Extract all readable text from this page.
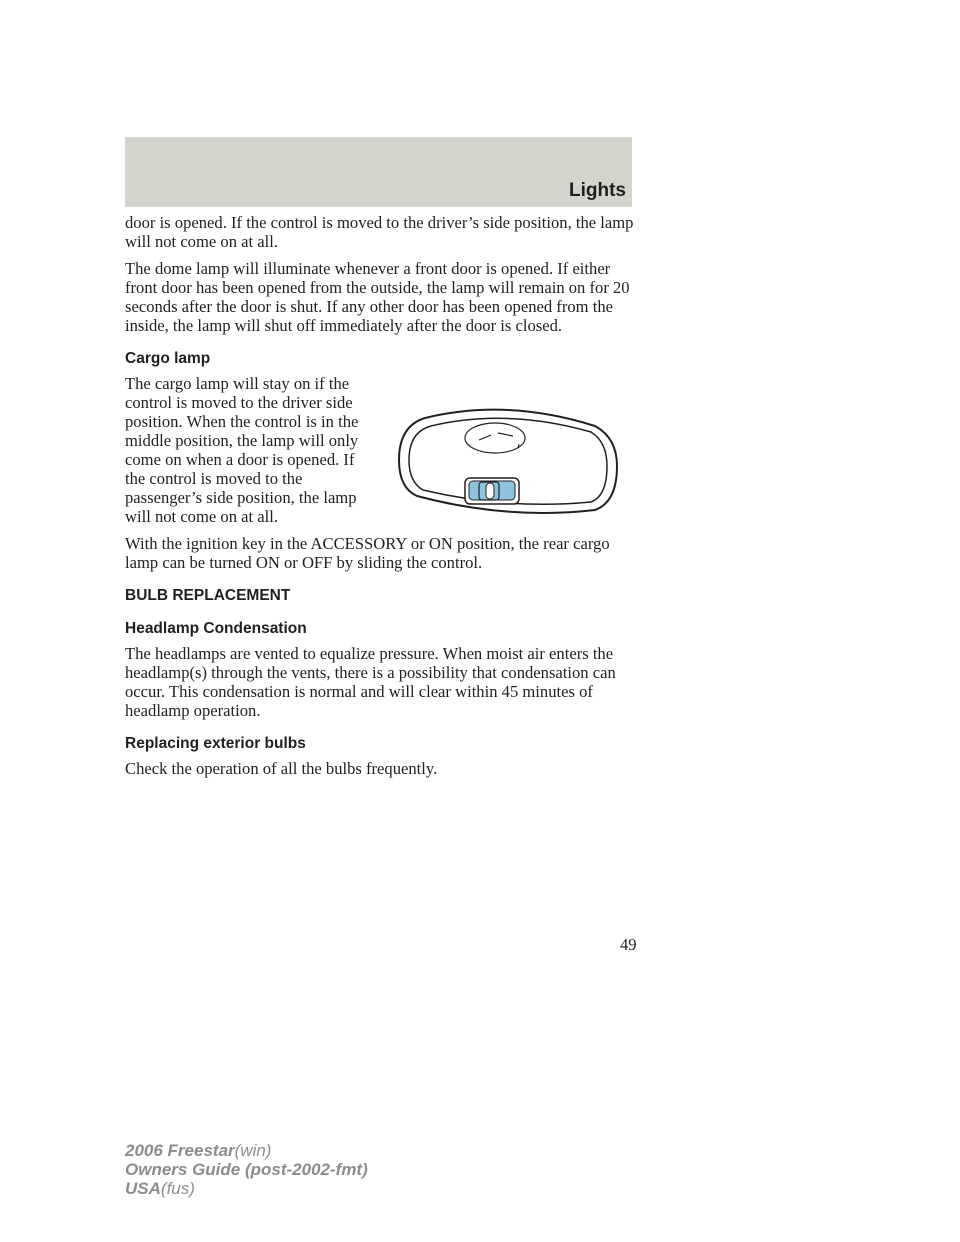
Lights

door is opened. If the control is moved to the driver’s side position, the lamp will not come on at all.

The dome lamp will illuminate whenever a front door is opened. If either front door has been opened from the outside, the lamp will remain on for 20 seconds after the door is shut. If any other door has been opened from the inside, the lamp will shut off immediately after the door is closed.

Cargo lamp

The cargo lamp will stay on if the control is moved to the driver side position. When the control is in the middle position, the lamp will only come on when a door is opened. If the control is moved to the passenger’s side position, the lamp will not come on at all.

With the ignition key in the ACCESSORY or ON position, the rear cargo lamp can be turned ON or OFF by sliding the control.

BULB REPLACEMENT
Headlamp Condensation

The headlamps are vented to equalize pressure. When moist air enters the headlamp(s) through the vents, there is a possibility that condensation can occur. This condensation is normal and will clear within 45 minutes of headlamp operation.

Replacing exterior bulbs

Check the operation of all the bulbs frequently.

49
2006 Freestar(win)
Owners Guide (post-2002-fmt)
USA(fus)
